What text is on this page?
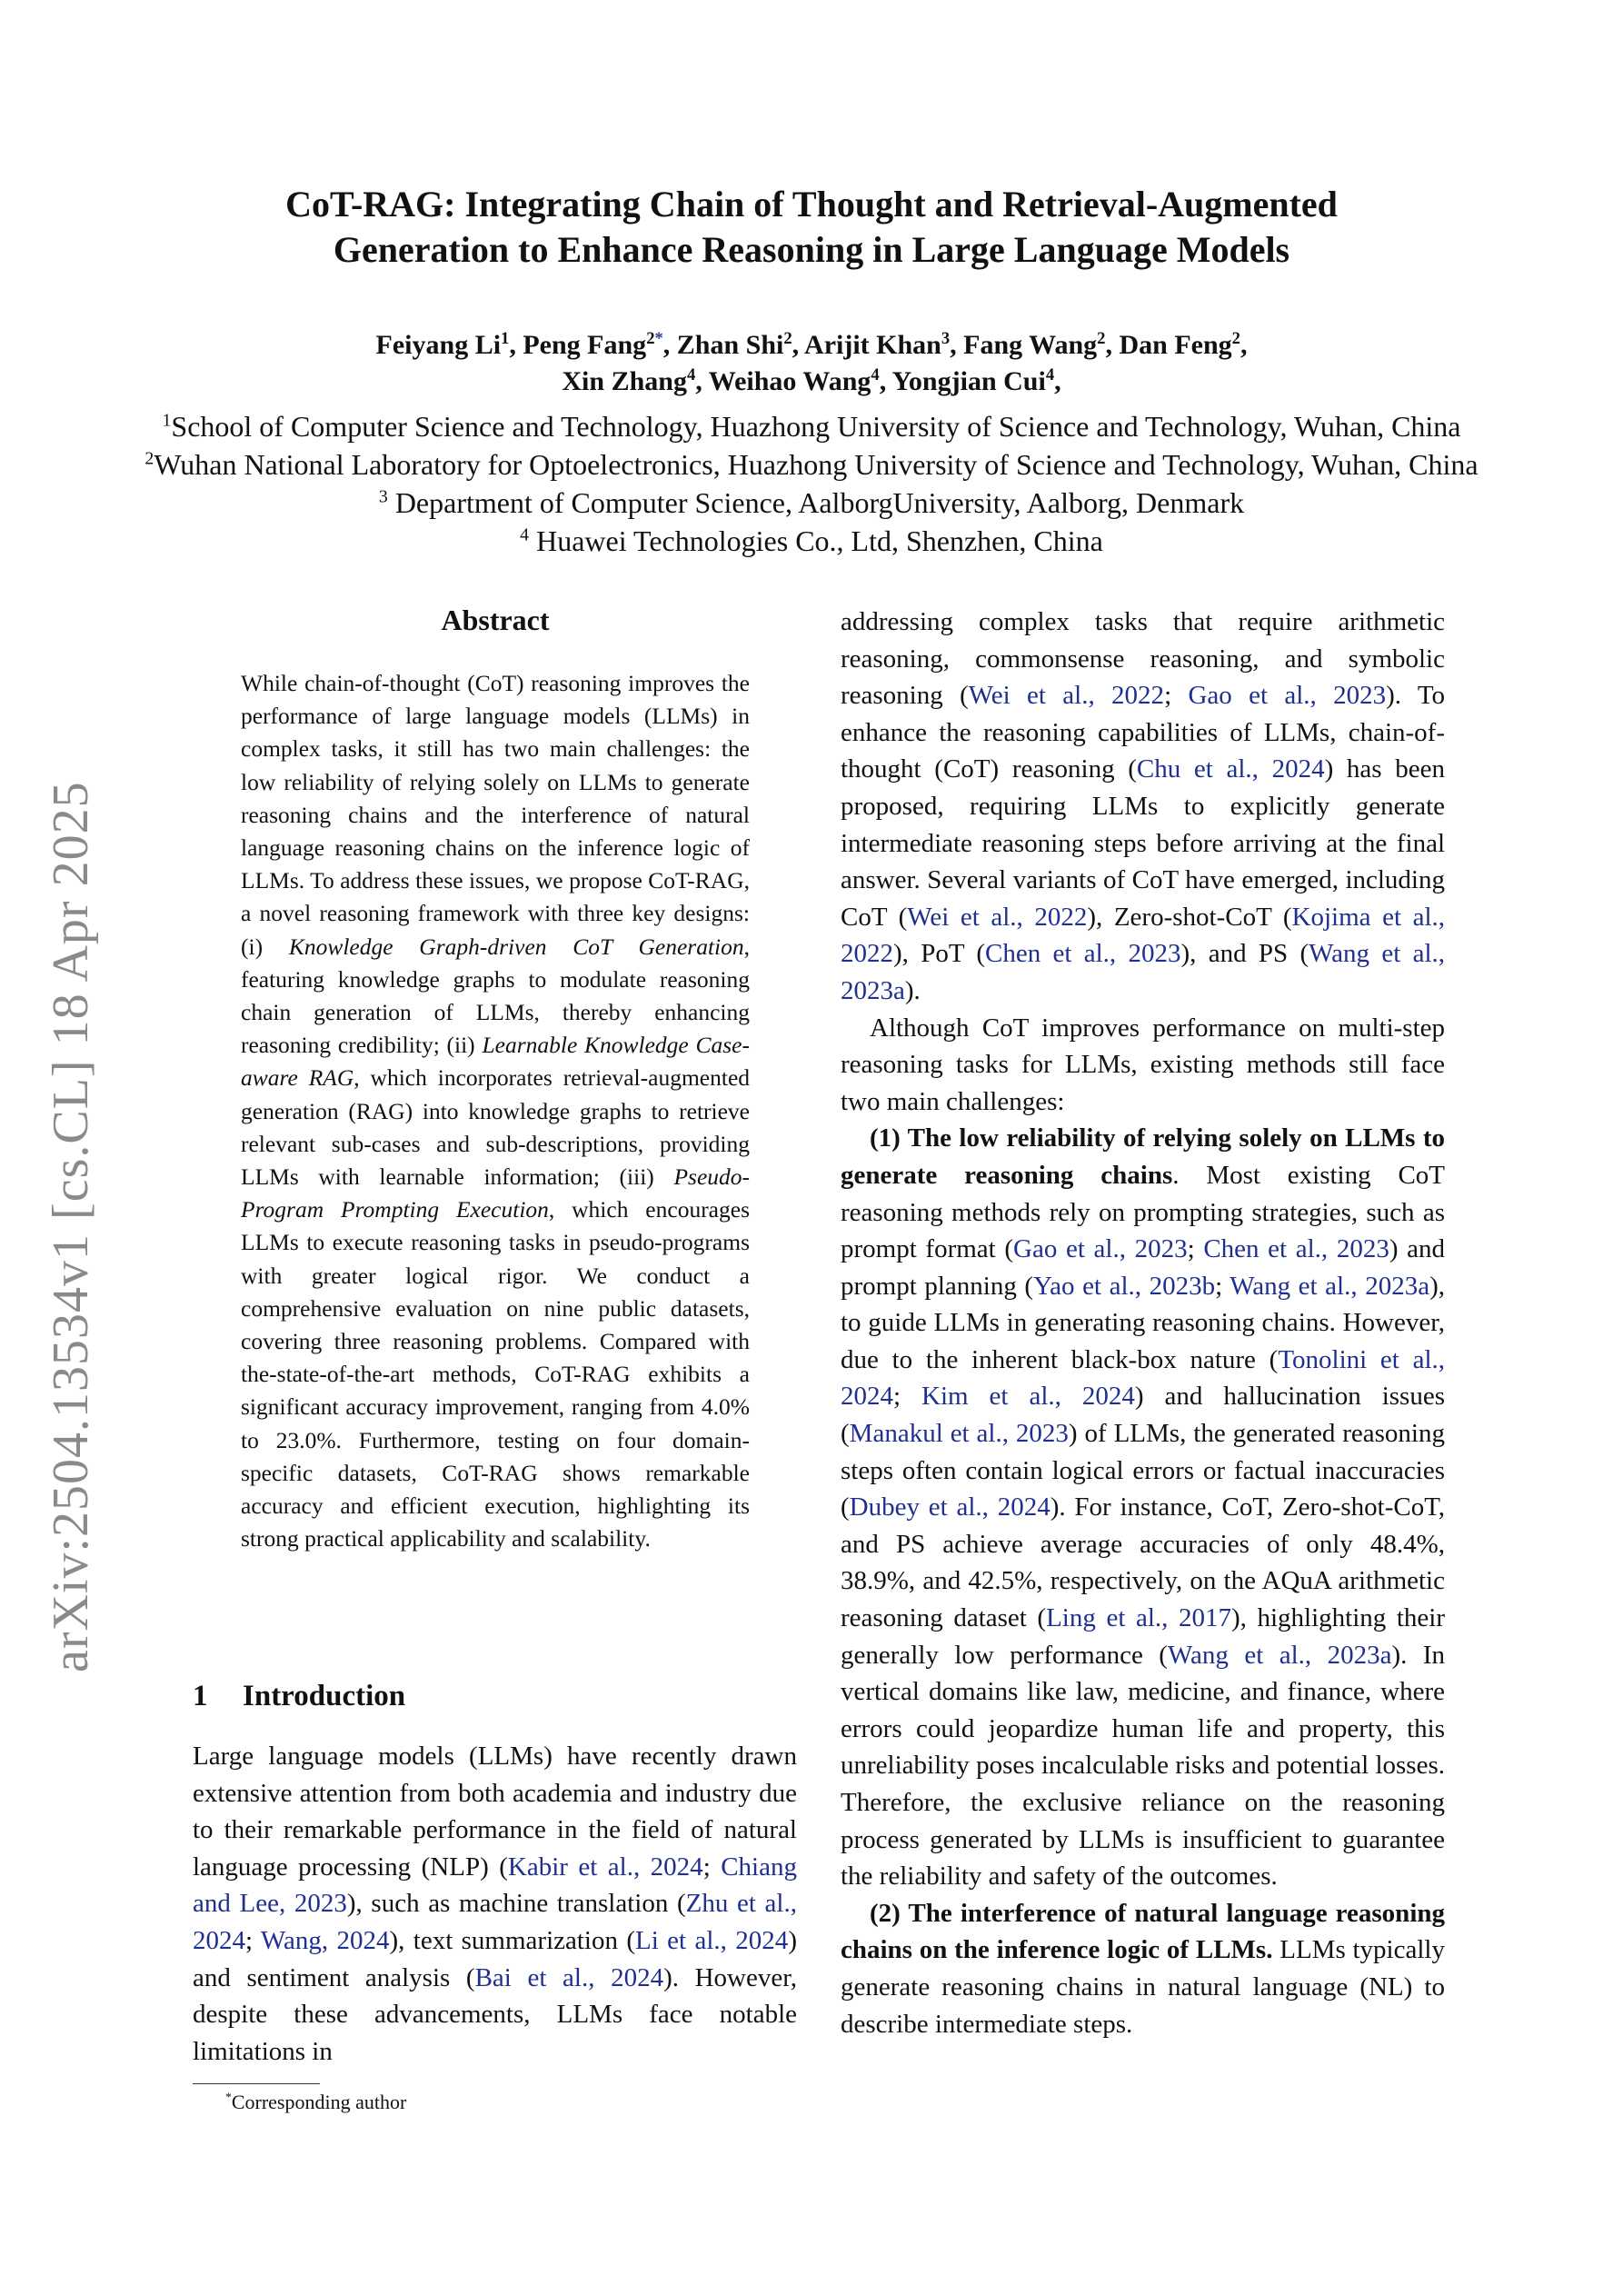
CoT-RAG: Integrating Chain of Thought and Retrieval-Augmented
Generation to Enhance Reasoning in Large Language Models
Feiyang Li$^1$, Peng Fang$^{2*}$, Zhan Shi$^2$, Arijit Khan$^3$, Fang Wang$^2$, Dan Feng$^2$,
Xin Zhang$^4$, Weihao Wang$^4$, Yongjian Cui$^4$,
$^1$School of Computer Science and Technology, Huazhong University of Science and Technology, Wuhan, China
$^2$Wuhan National Laboratory for Optoelectronics, Huazhong University of Science and Technology, Wuhan, China
$^3$ Department of Computer Science, AalborgUniversity, Aalborg, Denmark
$^4$ Huawei Technologies Co., Ltd, Shenzhen, China
arXiv:2504.13534v1 [cs.CL] 18 Apr 2025
Abstract
While chain-of-thought (CoT) reasoning improves the performance of large language models (LLMs) in complex tasks, it still has two main challenges: the low reliability of relying solely on LLMs to generate reasoning chains and the interference of natural language reasoning chains on the inference logic of LLMs. To address these issues, we propose CoT-RAG, a novel reasoning framework with three key designs: (i) Knowledge Graph-driven CoT Generation, featuring knowledge graphs to modulate reasoning chain generation of LLMs, thereby enhancing reasoning credibility; (ii) Learnable Knowledge Case-aware RAG, which incorporates retrieval-augmented generation (RAG) into knowledge graphs to retrieve relevant sub-cases and sub-descriptions, providing LLMs with learnable information; (iii) Pseudo-Program Prompting Execution, which encourages LLMs to execute reasoning tasks in pseudo-programs with greater logical rigor. We conduct a comprehensive evaluation on nine public datasets, covering three reasoning problems. Compared with the-state-of-the-art methods, CoT-RAG exhibits a significant accuracy improvement, ranging from 4.0% to 23.0%. Furthermore, testing on four domain-specific datasets, CoT-RAG shows remarkable accuracy and efficient execution, highlighting its strong practical applicability and scalability.
1 Introduction

Large language models (LLMs) have recently drawn extensive attention from both academia and industry due to their remarkable performance in the field of natural language processing (NLP) (Kabir et al., 2024; Chiang and Lee, 2023), such as machine translation (Zhu et al., 2024; Wang, 2024), text summarization (Li et al., 2024) and sentiment analysis (Bai et al., 2024). However, despite these advancements, LLMs face notable limitations in

addressing complex tasks that require arithmetic reasoning, commonsense reasoning, and symbolic reasoning (Wei et al., 2022; Gao et al., 2023). To enhance the reasoning capabilities of LLMs, chain-of-thought (CoT) reasoning (Chu et al., 2024) has been proposed, requiring LLMs to explicitly generate intermediate reasoning steps before arriving at the final answer. Several variants of CoT have emerged, including CoT (Wei et al., 2022), Zero-shot-CoT (Kojima et al., 2022), PoT (Chen et al., 2023), and PS (Wang et al., 2023a).

Although CoT improves performance on multi-step reasoning tasks for LLMs, existing methods still face two main challenges:

(1) The low reliability of relying solely on LLMs to generate reasoning chains. Most existing CoT reasoning methods rely on prompting strategies, such as prompt format (Gao et al., 2023; Chen et al., 2023) and prompt planning (Yao et al., 2023b; Wang et al., 2023a), to guide LLMs in generating reasoning chains. However, due to the inherent black-box nature (Tonolini et al., 2024; Kim et al., 2024) and hallucination issues (Manakul et al., 2023) of LLMs, the generated reasoning steps often contain logical errors or factual inaccuracies (Dubey et al., 2024). For instance, CoT, Zero-shot-CoT, and PS achieve average accuracies of only 48.4%, 38.9%, and 42.5%, respectively, on the AQuA arithmetic reasoning dataset (Ling et al., 2017), highlighting their generally low performance (Wang et al., 2023a). In vertical domains like law, medicine, and finance, where errors could jeopardize human life and property, this unreliability poses incalculable risks and potential losses. Therefore, the exclusive reliance on the reasoning process generated by LLMs is insufficient to guarantee the reliability and safety of the outcomes.

(2) The interference of natural language reasoning chains on the inference logic of LLMs. LLMs typically generate reasoning chains in natural language (NL) to describe intermediate steps.

*Corresponding author
